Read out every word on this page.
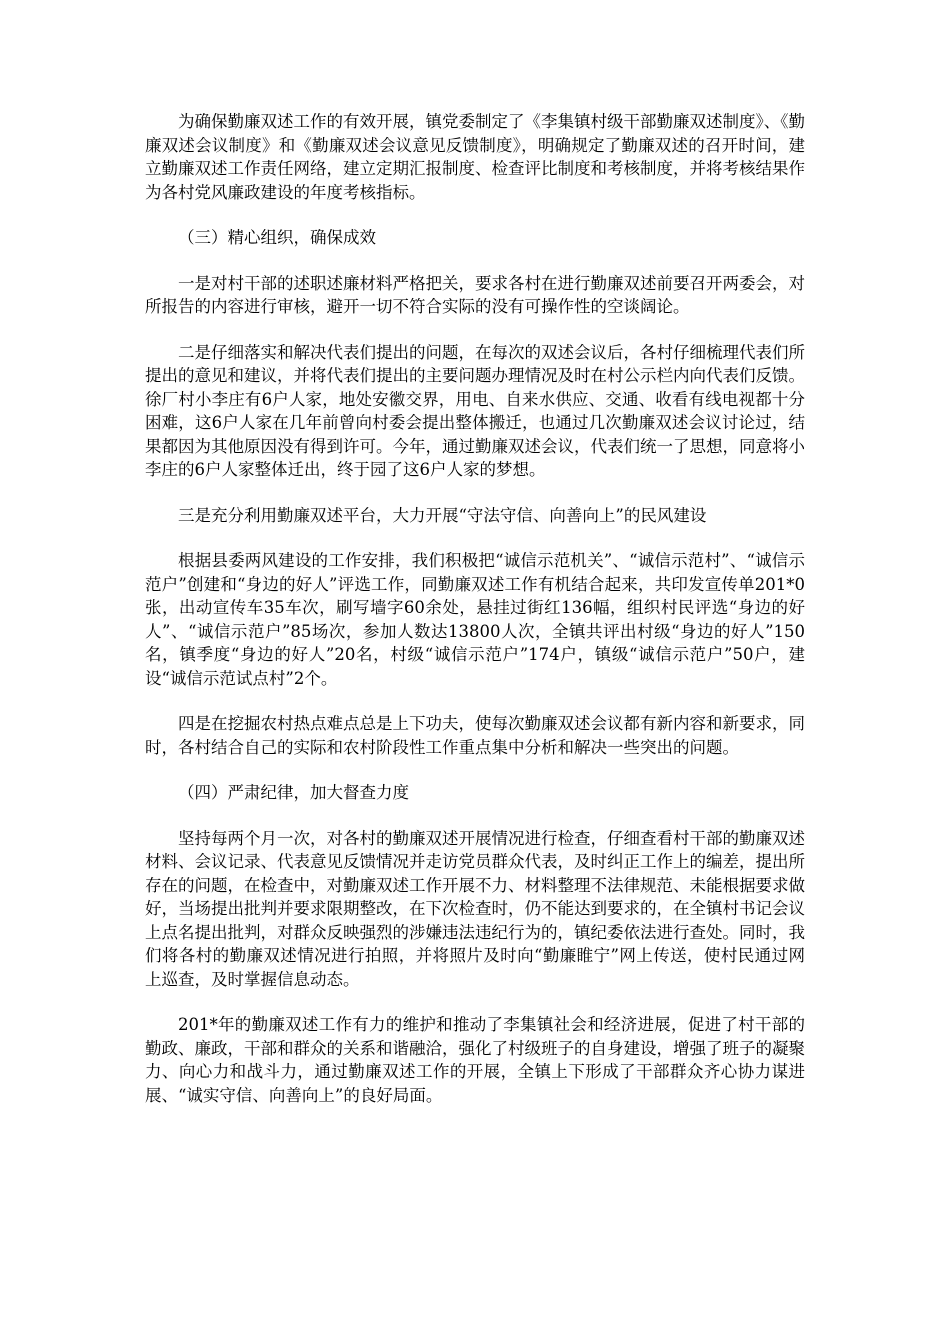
为确保勤廉双述工作的有效开展，镇党委制定了《李集镇村级干部勤廉双述制度》、《勤廉双述会议制度》和《勤廉双述会议意见反馈制度》，明确规定了勤廉双述的召开时间，建立勤廉双述工作责任网络，建立定期汇报制度、检查评比制度和考核制度，并将考核结果作为各村党风廉政建设的年度考核指标。

（三）精心组织，确保成效

一是对村干部的述职述廉材料严格把关，要求各村在进行勤廉双述前要召开两委会，对所报告的内容进行审核，避开一切不符合实际的没有可操作性的空谈阔论。

二是仔细落实和解决代表们提出的问题，在每次的双述会议后，各村仔细梳理代表们所提出的意见和建议，并将代表们提出的主要问题办理情况及时在村公示栏内向代表们反馈。徐厂村小李庄有6户人家，地处安徽交界，用电、自来水供应、交通、收看有线电视都十分困难，这6户人家在几年前曾向村委会提出整体搬迁，也通过几次勤廉双述会议讨论过，结果都因为其他原因没有得到许可。今年，通过勤廉双述会议，代表们统一了思想，同意将小李庄的6户人家整体迁出，终于园了这6户人家的梦想。

三是充分利用勤廉双述平台，大力开展“守法守信、向善向上”的民风建设

根据县委两风建设的工作安排，我们积极把“诚信示范机关”、“诚信示范村”、“诚信示范户”创建和“身边的好人”评选工作，同勤廉双述工作有机结合起来，共印发宣传单201*0张，出动宣传车35车次，刷写墙字60余处，悬挂过街红136幅，组织村民评选“身边的好人”、“诚信示范户”85场次，参加人数达13800人次，全镇共评出村级“身边的好人”150名，镇季度“身边的好人”20名，村级“诚信示范户”174户，镇级“诚信示范户”50户，建设“诚信示范试点村”2个。

四是在挖掘农村热点难点总是上下功夫，使每次勤廉双述会议都有新内容和新要求，同时，各村结合自己的实际和农村阶段性工作重点集中分析和解决一些突出的问题。

（四）严肃纪律，加大督查力度

坚持每两个月一次，对各村的勤廉双述开展情况进行检查，仔细查看村干部的勤廉双述材料、会议记录、代表意见反馈情况并走访党员群众代表，及时纠正工作上的编差，提出所存在的问题，在检查中，对勤廉双述工作开展不力、材料整理不法律规范、未能根据要求做好，当场提出批判并要求限期整改，在下次检查时，仍不能达到要求的，在全镇村书记会议上点名提出批判，对群众反映强烈的涉嫌违法违纪行为的，镇纪委依法进行查处。同时，我们将各村的勤廉双述情况进行拍照，并将照片及时向“勤廉睢宁”网上传送，使村民通过网上巡查，及时掌握信息动态。

201*年的勤廉双述工作有力的维护和推动了李集镇社会和经济进展，促进了村干部的勤政、廉政，干部和群众的关系和谐融洽，强化了村级班子的自身建设，增强了班子的凝聚力、向心力和战斗力，通过勤廉双述工作的开展，全镇上下形成了干部群众齐心协力谋进展、“诚实守信、向善向上”的良好局面。
